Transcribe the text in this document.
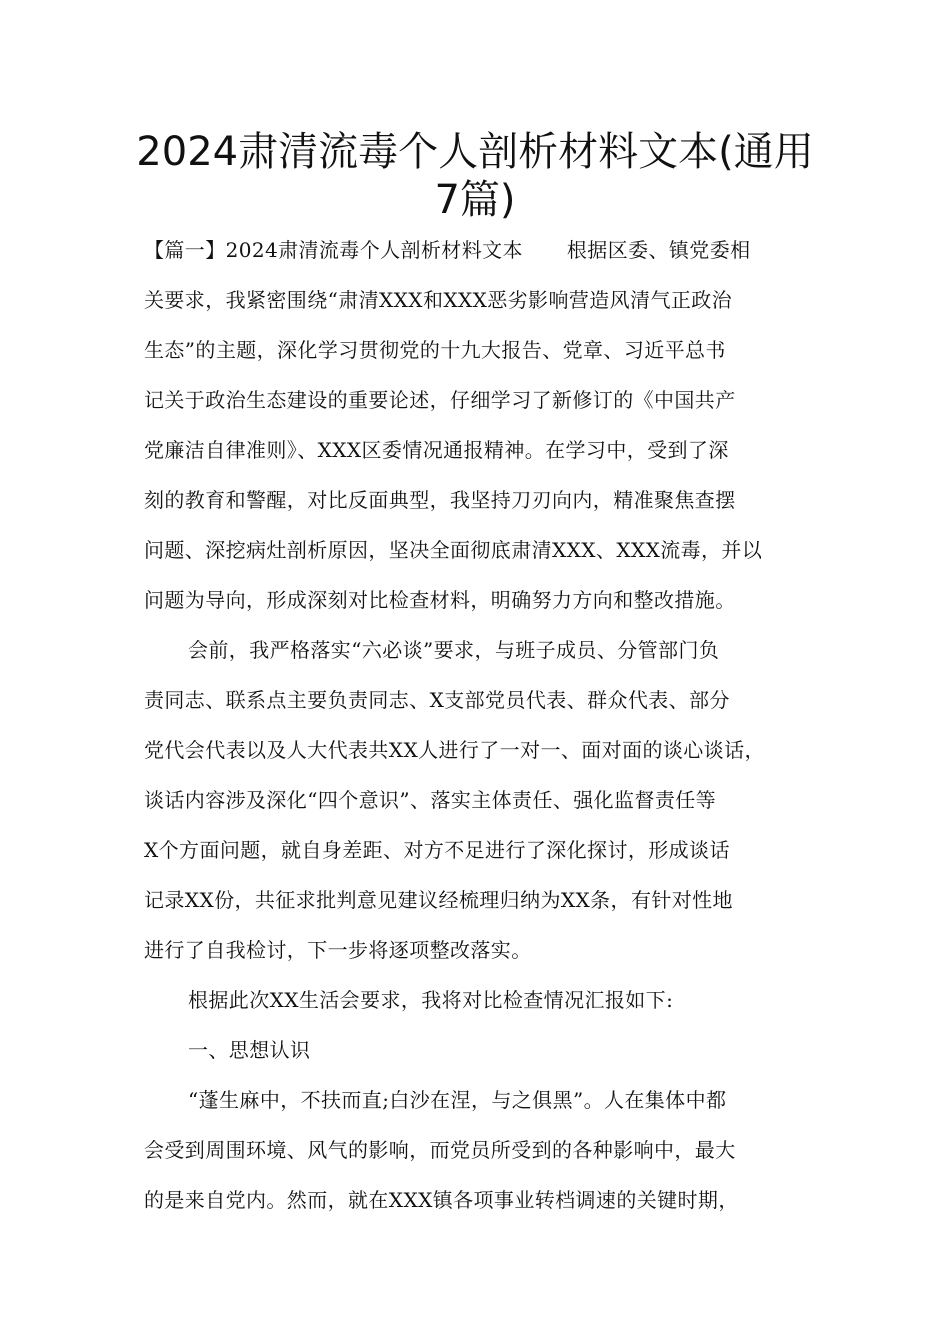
2024肃清流毒个人剖析材料文本(通用
7篇)
【篇一】2024肃清流毒个人剖析材料文本 根据区委、镇党委相
关要求，我紧密围绕“肃清XXX和XXX恶劣影响营造风清气正政治
生态”的主题，深化学习贯彻党的十九大报告、党章、习近平总书
记关于政治生态建设的重要论述，仔细学习了新修订的《中国共产
党廉洁自律准则》、XXX区委情况通报精神。在学习中，受到了深
刻的教育和警醒，对比反面典型，我坚持刀刃向内，精准聚焦查摆
问题、深挖病灶剖析原因，坚决全面彻底肃清XXX、XXX流毒，并以
问题为导向，形成深刻对比检查材料，明确努力方向和整改措施。
会前，我严格落实“六必谈”要求，与班子成员、分管部门负
责同志、联系点主要负责同志、X支部党员代表、群众代表、部分
党代会代表以及人大代表共XX人进行了一对一、面对面的谈心谈话，
谈话内容涉及深化“四个意识”、落实主体责任、强化监督责任等
X个方面问题，就自身差距、对方不足进行了深化探讨，形成谈话
记录XX份，共征求批判意见建议经梳理归纳为XX条，有针对性地
进行了自我检讨，下一步将逐项整改落实。
根据此次XX生活会要求，我将对比检查情况汇报如下:
一、思想认识
“蓬生麻中，不扶而直;白沙在涅，与之俱黑”。人在集体中都
会受到周围环境、风气的影响，而党员所受到的各种影响中，最大
的是来自党内。然而，就在XXX镇各项事业转档调速的关键时期，
